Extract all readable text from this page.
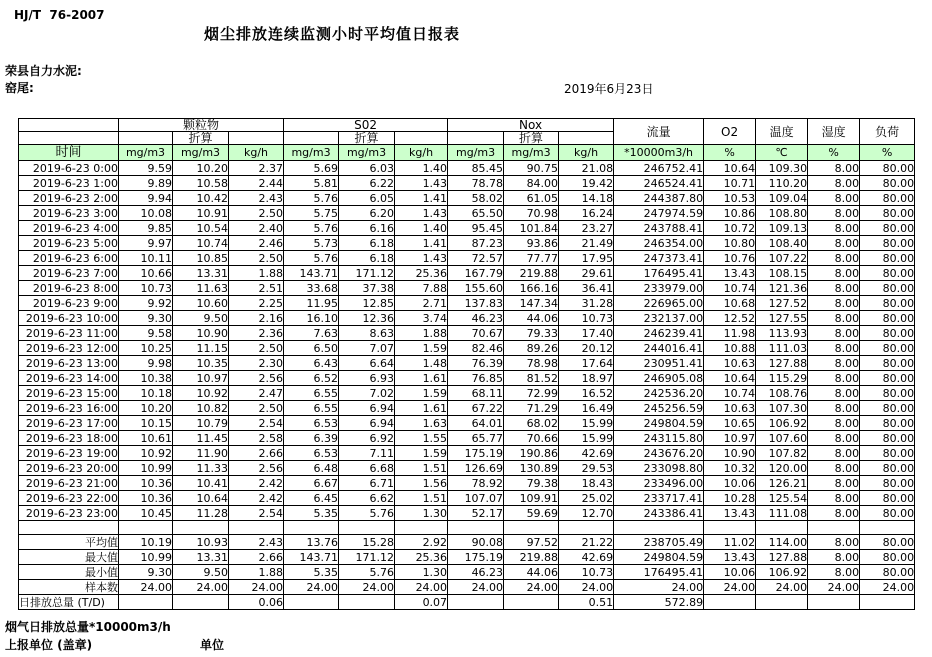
HJ/T  76-2007
烟尘排放连续监测小时平均值日报表
荣县自力水泥:
窑尾:	2019年6月23日
	颗粒物			S02			Nox			流量	O2	温度	湿度	负荷
		折算			折算			折算						
时间	mg/m3	mg/m3	kg/h	mg/m3	mg/m3	kg/h	mg/m3	mg/m3	kg/h	*10000m3/h	%	℃	%	%
2019-6-23 0:00	9.59	10.20	2.37	5.69	6.03	1.40	85.45	90.75	21.08	246752.41	10.64	109.30	8.00	80.00
2019-6-23 1:00	9.89	10.58	2.44	5.81	6.22	1.43	78.78	84.00	19.42	246524.41	10.71	110.20	8.00	80.00
2019-6-23 2:00	9.94	10.42	2.43	5.76	6.05	1.41	58.02	61.05	14.18	244387.80	10.53	109.04	8.00	80.00
2019-6-23 3:00	10.08	10.91	2.50	5.75	6.20	1.43	65.50	70.98	16.24	247974.59	10.86	108.80	8.00	80.00
2019-6-23 4:00	9.85	10.54	2.40	5.76	6.16	1.40	95.45	101.84	23.27	243788.41	10.72	109.13	8.00	80.00
2019-6-23 5:00	9.97	10.74	2.46	5.73	6.18	1.41	87.23	93.86	21.49	246354.00	10.80	108.40	8.00	80.00
2019-6-23 6:00	10.11	10.85	2.50	5.76	6.18	1.43	72.57	77.77	17.95	247373.41	10.76	107.22	8.00	80.00
2019-6-23 7:00	10.66	13.31	1.88	143.71	171.12	25.36	167.79	219.88	29.61	176495.41	13.43	108.15	8.00	80.00
2019-6-23 8:00	10.73	11.63	2.51	33.68	37.38	7.88	155.60	166.16	36.41	233979.00	10.74	121.36	8.00	80.00
2019-6-23 9:00	9.92	10.60	2.25	11.95	12.85	2.71	137.83	147.34	31.28	226965.00	10.68	127.52	8.00	80.00
2019-6-23 10:00	9.30	9.50	2.16	16.10	12.36	3.74	46.23	44.06	10.73	232137.00	12.52	127.55	8.00	80.00
2019-6-23 11:00	9.58	10.90	2.36	7.63	8.63	1.88	70.67	79.33	17.40	246239.41	11.98	113.93	8.00	80.00
2019-6-23 12:00	10.25	11.15	2.50	6.50	7.07	1.59	82.46	89.26	20.12	244016.41	10.88	111.03	8.00	80.00
2019-6-23 13:00	9.98	10.35	2.30	6.43	6.64	1.48	76.39	78.98	17.64	230951.41	10.63	127.88	8.00	80.00
2019-6-23 14:00	10.38	10.97	2.56	6.52	6.93	1.61	76.85	81.52	18.97	246905.08	10.64	115.29	8.00	80.00
2019-6-23 15:00	10.18	10.92	2.47	6.55	7.02	1.59	68.11	72.99	16.52	242536.20	10.74	108.76	8.00	80.00
2019-6-23 16:00	10.20	10.82	2.50	6.55	6.94	1.61	67.22	71.29	16.49	245256.59	10.63	107.30	8.00	80.00
2019-6-23 17:00	10.15	10.79	2.54	6.53	6.94	1.63	64.01	68.02	15.99	249804.59	10.65	106.92	8.00	80.00
2019-6-23 18:00	10.61	11.45	2.58	6.39	6.92	1.55	65.77	70.66	15.99	243115.80	10.97	107.60	8.00	80.00
2019-6-23 19:00	10.92	11.90	2.66	6.53	7.11	1.59	175.19	190.86	42.69	243676.20	10.90	107.82	8.00	80.00
2019-6-23 20:00	10.99	11.33	2.56	6.48	6.68	1.51	126.69	130.89	29.53	233098.80	10.32	120.00	8.00	80.00
2019-6-23 21:00	10.36	10.41	2.42	6.67	6.71	1.56	78.92	79.38	18.43	233496.00	10.06	126.21	8.00	80.00
2019-6-23 22:00	10.36	10.64	2.42	6.45	6.62	1.51	107.07	109.91	25.02	233717.41	10.28	125.54	8.00	80.00
2019-6-23 23:00	10.45	11.28	2.54	5.35	5.76	1.30	52.17	59.69	12.70	243386.41	13.43	111.08	8.00	80.00

平均值	10.19	10.93	2.43	13.76	15.28	2.92	90.08	97.52	21.22	238705.49	11.02	114.00	8.00	80.00
最大值	10.99	13.31	2.66	143.71	171.12	25.36	175.19	219.88	42.69	249804.59	13.43	127.88	8.00	80.00
最小值	9.30	9.50	1.88	5.35	5.76	1.30	46.23	44.06	10.73	176495.41	10.06	106.92	8.00	80.00
样本数	24.00	24.00	24.00	24.00	24.00	24.00	24.00	24.00	24.00	24.00	24.00	24.00	24.00	24.00
日排放总量 (T/D)			0.06			0.07			0.51	572.89				
烟气日排放总量*10000m3/h
上报单位 (盖章)	单位
